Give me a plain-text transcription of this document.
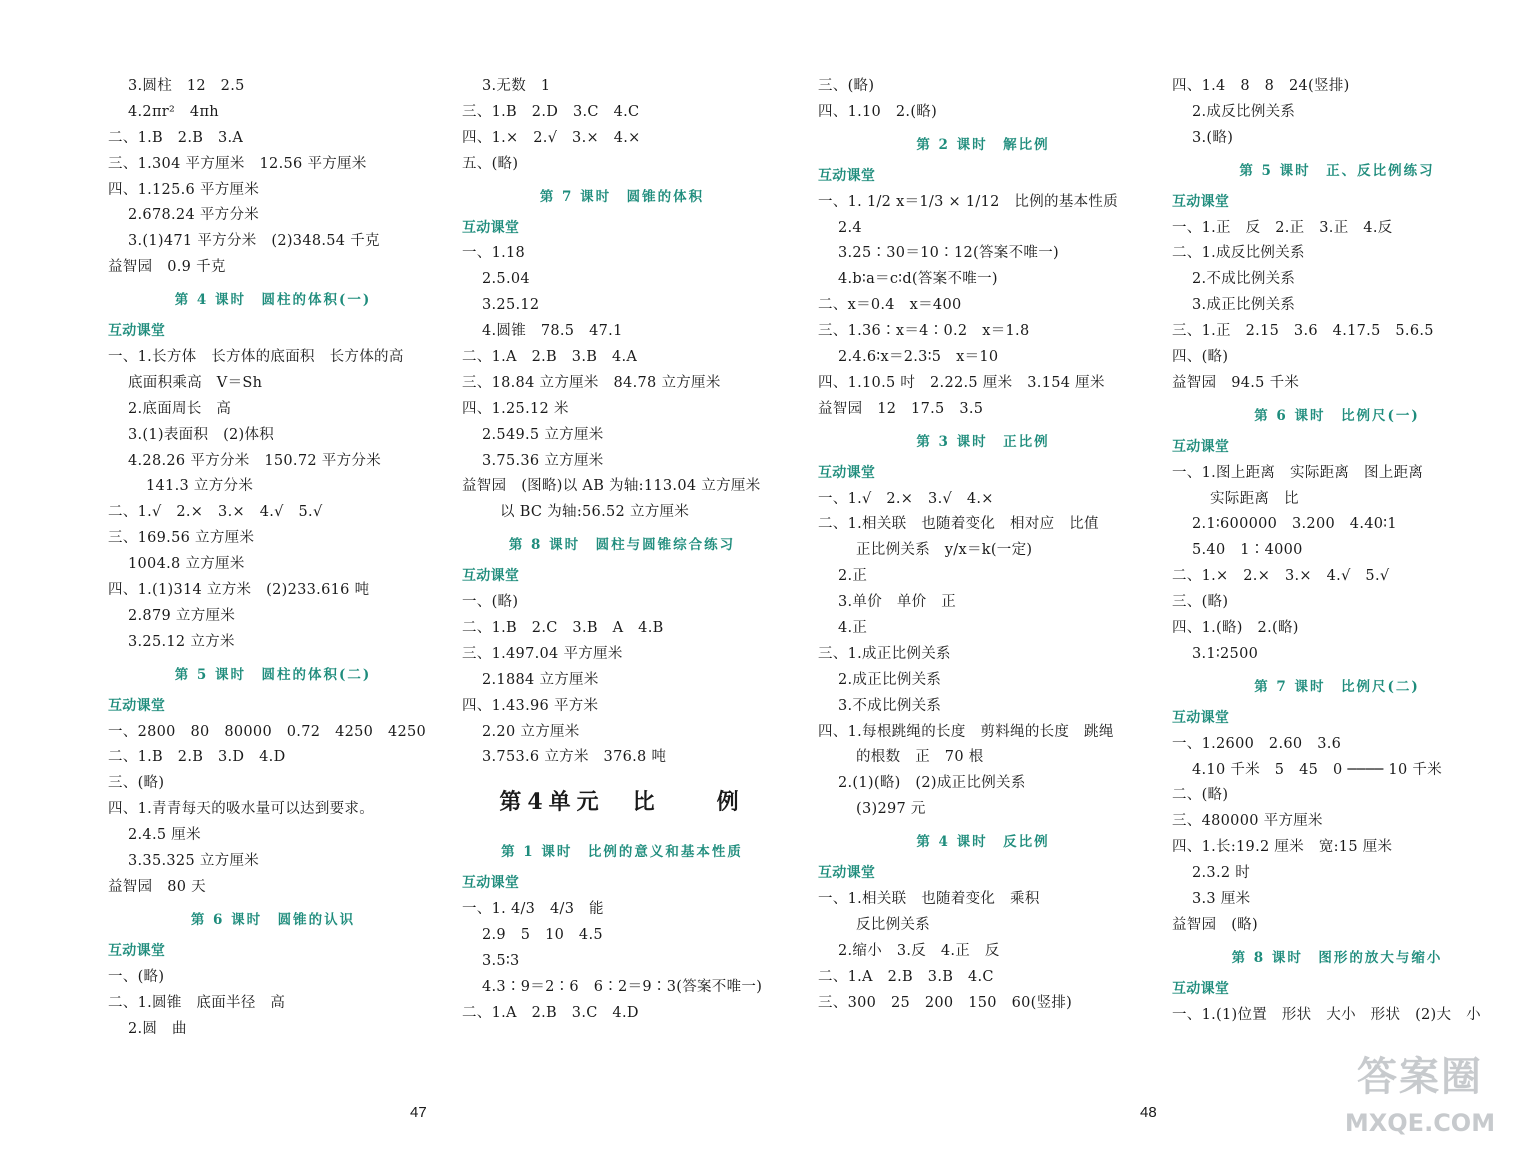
3.圆柱　12　2.5
4.2πr²　4πh
二、1.B　2.B　3.A
三、1.304 平方厘米　12.56 平方厘米
四、1.125.6 平方厘米
2.678.24 平方分米
3.(1)471 平方分米　(2)348.54 千克
益智园　0.9 千克
第 4 课时　圆柱的体积(一)
互动课堂
一、1.长方体　长方体的底面积　长方体的高
底面积乘高　V＝Sh
2.底面周长　高
3.(1)表面积　(2)体积
4.28.26 平方分米　150.72 平方分米
141.3 立方分米
二、1.√　2.×　3.×　4.√　5.√
三、169.56 立方厘米
1004.8 立方厘米
四、1.(1)314 立方米　(2)233.616 吨
2.879 立方厘米
3.25.12 立方米
第 5 课时　圆柱的体积(二)
互动课堂
一、2800　80　80000　0.72　4250　4250
二、1.B　2.B　3.D　4.D
三、(略)
四、1.青青每天的吸水量可以达到要求。
2.4.5 厘米
3.35.325 立方厘米
益智园　80 天
第 6 课时　圆锥的认识
互动课堂
一、(略)
二、1.圆锥　底面半径　高
2.圆　曲
3.无数　1
三、1.B　2.D　3.C　4.C
四、1.×　2.√　3.×　4.×
五、(略)
第 7 课时　圆锥的体积
互动课堂
一、1.18
2.5.04
3.25.12
4.圆锥　78.5　47.1
二、1.A　2.B　3.B　4.A
三、18.84 立方厘米　84.78 立方厘米
四、1.25.12 米
2.549.5 立方厘米
3.75.36 立方厘米
益智园　(图略)以 AB 为轴:113.04 立方厘米
以 BC 为轴:56.52 立方厘米
第 8 课时　圆柱与圆锥综合练习
互动课堂
一、(略)
二、1.B　2.C　3.B　A　4.B
三、1.497.04 平方厘米
2.1884 立方厘米
四、1.43.96 平方米
2.20 立方厘米
3.753.6 立方米　376.8 吨
第4单元　比　　例
第 1 课时　比例的意义和基本性质
互动课堂
一、1. 4/3　4/3　能
2.9　5　10　4.5
3.5∶3
4.3∶9＝2∶6　6∶2＝9∶3(答案不唯一)
二、1.A　2.B　3.C　4.D
三、(略)
四、1.10　2.(略)
第 2 课时　解比例
互动课堂
一、1. 1/2 x＝1/3 × 1/12　比例的基本性质
2.4
3.25∶30＝10∶12(答案不唯一)
4.b∶a＝c∶d(答案不唯一)
二、x＝0.4　x＝400
三、1.36∶x＝4∶0.2　x＝1.8
2.4.6∶x＝2.3∶5　x＝10
四、1.10.5 吋　2.22.5 厘米　3.154 厘米
益智园　12　17.5　3.5
第 3 课时　正比例
互动课堂
一、1.√　2.×　3.√　4.×
二、1.相关联　也随着变化　相对应　比值
正比例关系　y/x＝k(一定)
2.正
3.单价　单价　正
4.正
三、1.成正比例关系
2.成正比例关系
3.不成比例关系
四、1.每根跳绳的长度　剪料绳的长度　跳绳
的根数　正　70 根
2.(1)(略)　(2)成正比例关系
(3)297 元
第 4 课时　反比例
互动课堂
一、1.相关联　也随着变化　乘积
反比例关系
2.缩小　3.反　4.正　反
二、1.A　2.B　3.B　4.C
三、300　25　200　150　60(竖排)
四、1.4　8　8　24(竖排)
2.成反比例关系
3.(略)
第 5 课时　正、反比例练习
互动课堂
一、1.正　反　2.正　3.正　4.反
二、1.成反比例关系
2.不成比例关系
3.成正比例关系
三、1.正　2.15　3.6　4.17.5　5.6.5
四、(略)
益智园　94.5 千米
第 6 课时　比例尺(一)
互动课堂
一、1.图上距离　实际距离　图上距离
实际距离　比
2.1∶600000　3.200　4.40∶1
5.40　1∶4000
二、1.×　2.×　3.×　4.√　5.√
三、(略)
四、1.(略)　2.(略)
3.1∶2500
第 7 课时　比例尺(二)
互动课堂
一、1.2600　2.60　3.6
4.10 千米　5　45　0 ──── 10 千米
二、(略)
三、480000 平方厘米
四、1.长:19.2 厘米　宽:15 厘米
2.3.2 时
3.3 厘米
益智园　(略)
第 8 课时　图形的放大与缩小
互动课堂
一、1.(1)位置　形状　大小　形状　(2)大　小
47	48
答案圈
MXQE.COM
